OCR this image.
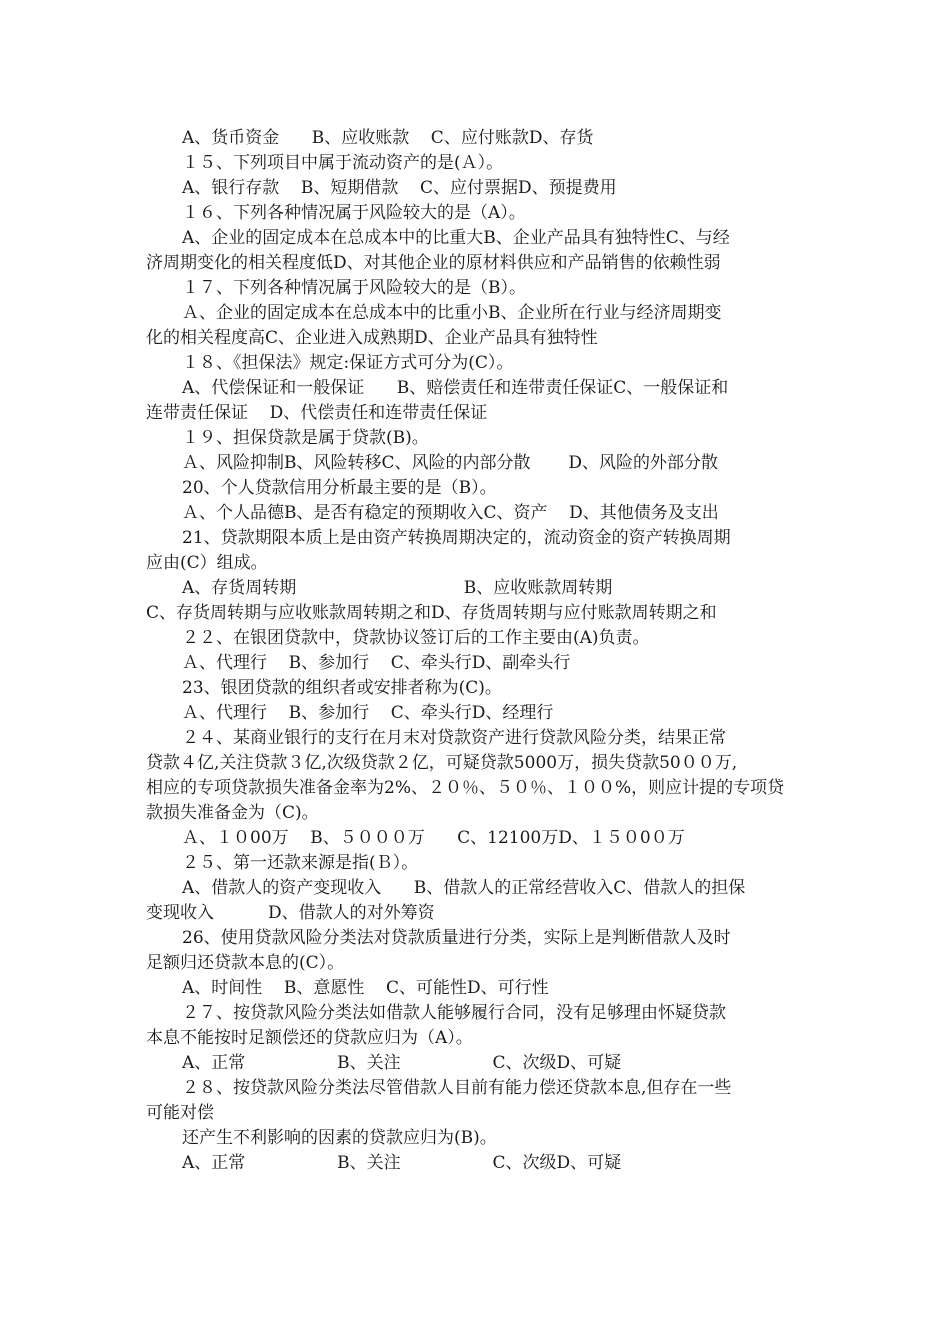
A、货币资金      B、应收账款    C、应付账款D、存货
１５、下列项目中属于流动资产的是(Ａ）。
A、银行存款    B、短期借款    C、应付票据D、预提费用
１６、下列各种情况属于风险较大的是（A）。
A、企业的固定成本在总成本中的比重大B、企业产品具有独特性C、与经
济周期变化的相关程度低D、对其他企业的原材料供应和产品销售的依赖性弱
１７、下列各种情况属于风险较大的是（B）。
Ａ、企业的固定成本在总成本中的比重小B、企业所在行业与经济周期变
化的相关程度高C、企业进入成熟期D、企业产品具有独特性
１８、《担保法》规定:保证方式可分为(C）。
A、代偿保证和一般保证      B、赔偿责任和连带责任保证C、一般保证和
连带责任保证    D、代偿责任和连带责任保证
１９、担保贷款是属于贷款(B)。
Ａ、风险抑制B、风险转移C、风险的内部分散       D、风险的外部分散
20、个人贷款信用分析最主要的是（B）。
Ａ、个人品德B、是否有稳定的预期收入C、资产    D、其他债务及支出
21、贷款期限本质上是由资产转换周期决定的，流动资金的资产转换周期
应由(C）组成。
A、存货周转期                               B、应收账款周转期
C、存货周转期与应收账款周转期之和D、存货周转期与应付账款周转期之和
２２、在银团贷款中，贷款协议签订后的工作主要由(A)负责。
Ａ、代理行    B、参加行    C、牵头行D、副牵头行
23、银团贷款的组织者或安排者称为(C)。
Ａ、代理行    B、参加行    C、牵头行D、经理行
２４、某商业银行的支行在月末对贷款资产进行贷款风险分类，结果正常
贷款４亿,关注贷款３亿,次级贷款２亿，可疑贷款5000万，损失贷款50００万,
相应的专项贷款损失准备金率为2%、２０％、５０％、１００%，则应计提的专项贷
款损失准备金为（C)。
Ａ、１０00万    B、５０００万      C、12100万D、１５０0０万
２５、第一还款来源是指(Ｂ）。
A、借款人的资产变现收入      B、借款人的正常经营收入C、借款人的担保
变现收入          D、借款人的对外筹资
26、使用贷款风险分类法对贷款质量进行分类，实际上是判断借款人及时
足额归还贷款本息的(C）。
A、时间性    B、意愿性    C、可能性D、可行性
２７、按贷款风险分类法如借款人能够履行合同，没有足够理由怀疑贷款
本息不能按时足额偿还的贷款应归为（A）。
A、正常                 B、关注                 C、次级D、可疑
２８、按贷款风险分类法尽管借款人目前有能力偿还贷款本息,但存在一些
可能对偿
还产生不利影响的因素的贷款应归为(B)。
A、正常                 B、关注                 C、次级D、可疑
